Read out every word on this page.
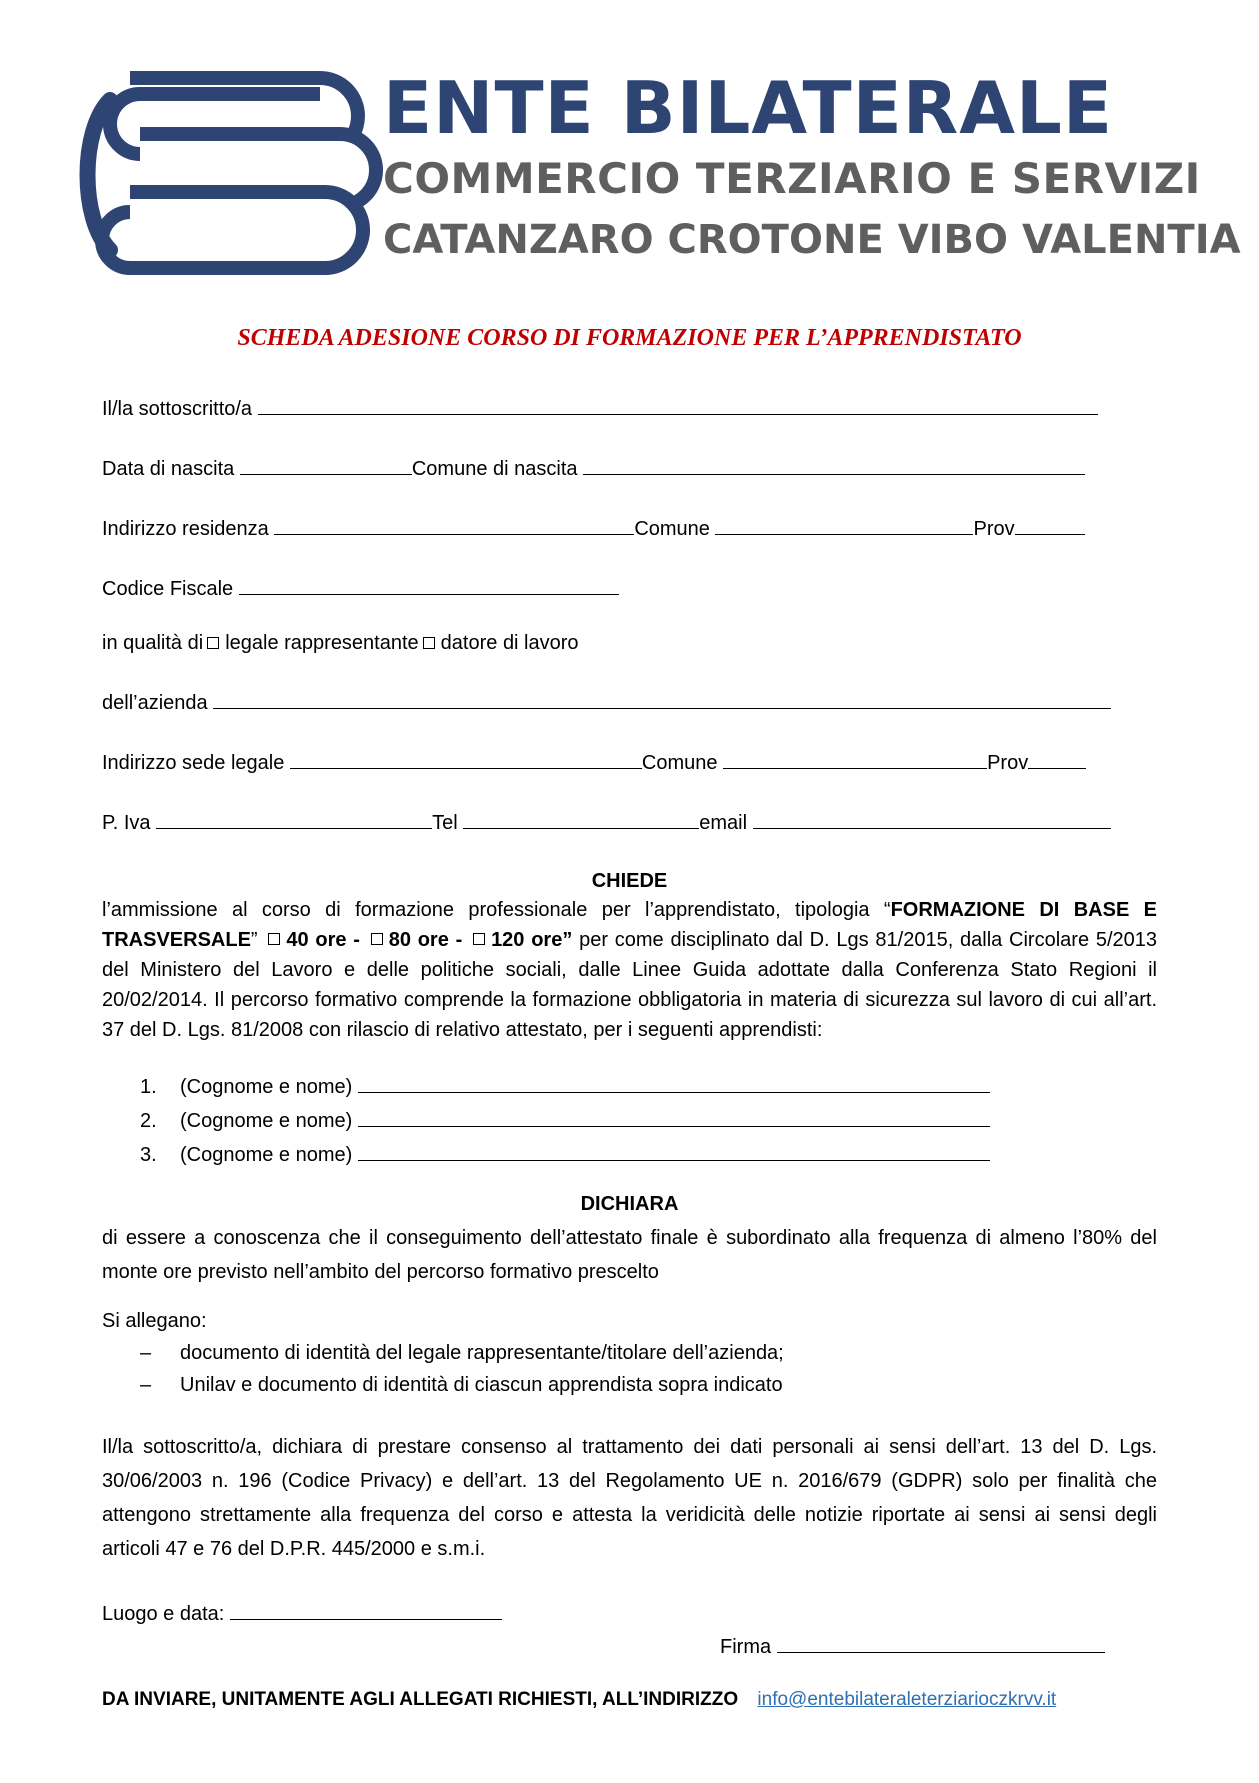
ENTE BILATERALE
COMMERCIO TERZIARIO E SERVIZI
CATANZARO CROTONE VIBO VALENTIA
SCHEDA ADESIONE CORSO DI FORMAZIONE PER L’APPRENDISTATO
Il/la sottoscritto/a
Data di nascita	Comune di nascita
Indirizzo residenza	Comune	Prov
Codice Fiscale
in qualità di legale rappresentante datore di lavoro
dell’azienda
Indirizzo sede legale	Comune	Prov
P. Iva	Tel	email
CHIEDE
l’ammissione al corso di formazione professionale per l’apprendistato, tipologia “FORMAZIONE DI BASE E TRASVERSALE” 40 ore - 80 ore - 120 ore” per come disciplinato dal D. Lgs 81/2015, dalla Circolare 5/2013 del Ministero del Lavoro e delle politiche sociali, dalle Linee Guida adottate dalla Conferenza Stato Regioni il 20/02/2014. Il percorso formativo comprende la formazione obbligatoria in materia di sicurezza sul lavoro di cui all’art. 37 del D. Lgs. 81/2008 con rilascio di relativo attestato, per i seguenti apprendisti:
1. (Cognome e nome)
2. (Cognome e nome)
3. (Cognome e nome)
DICHIARA
di essere a conoscenza che il conseguimento dell’attestato finale è subordinato alla frequenza di almeno l’80% del monte ore previsto nell’ambito del percorso formativo prescelto
Si allegano:
– documento di identità del legale rappresentante/titolare dell’azienda;
– Unilav e documento di identità di ciascun apprendista sopra indicato
Il/la sottoscritto/a, dichiara di prestare consenso al trattamento dei dati personali ai sensi dell’art. 13 del D. Lgs. 30/06/2003 n. 196 (Codice Privacy) e dell’art. 13 del Regolamento UE n. 2016/679 (GDPR) solo per finalità che attengono strettamente alla frequenza del corso e attesta la veridicità delle notizie riportate ai sensi ai sensi degli articoli 47 e 76 del D.P.R. 445/2000 e s.m.i.
Luogo e data:
Firma
DA INVIARE, UNITAMENTE AGLI ALLEGATI RICHIESTI, ALL’INDIRIZZO info@entebilateraleterziarioczkrvv.it
